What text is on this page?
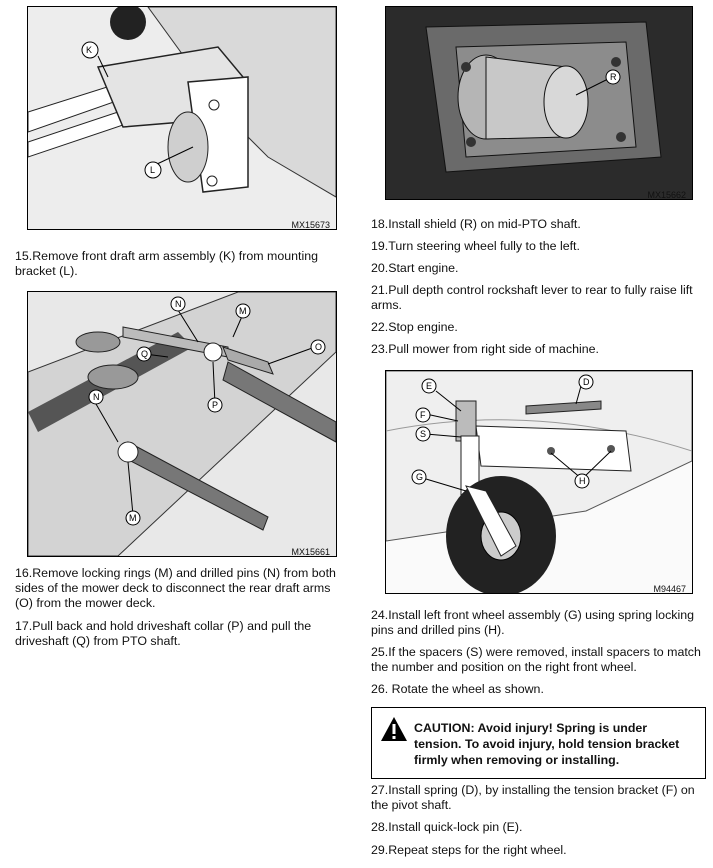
K
L
MX15673

15.Remove front draft arm assembly (K) from mounting bracket (L).

N
M
O
Q
P
N
M
MX15661

16.Remove locking rings (M) and drilled pins (N) from both sides of the mower deck to disconnect the rear draft arms (O) from the mower deck.

17.Pull back and hold driveshaft collar (P) and pull the driveshaft (Q) from PTO shaft.

R
MX15662

18.Install shield (R) on mid-PTO shaft.

19.Turn steering wheel fully to the left.

20.Start engine.

21.Pull depth control rockshaft lever to rear to fully raise lift arms.

22.Stop engine.

23.Pull mower from right side of machine.

E	D
F
S
G	H
M94467

24.Install left front wheel assembly (G) using spring locking pins and drilled pins (H).

25.If the spacers (S) were removed, install spacers to match the number and position on the right front wheel.

26. Rotate the wheel as shown.

CAUTION: Avoid injury! Spring is under tension. To avoid injury, hold tension bracket firmly when removing or installing.

27.Install spring (D), by installing the tension bracket (F) on the pivot shaft.

28.Install quick-lock pin (E).

29.Repeat steps for the right wheel.
